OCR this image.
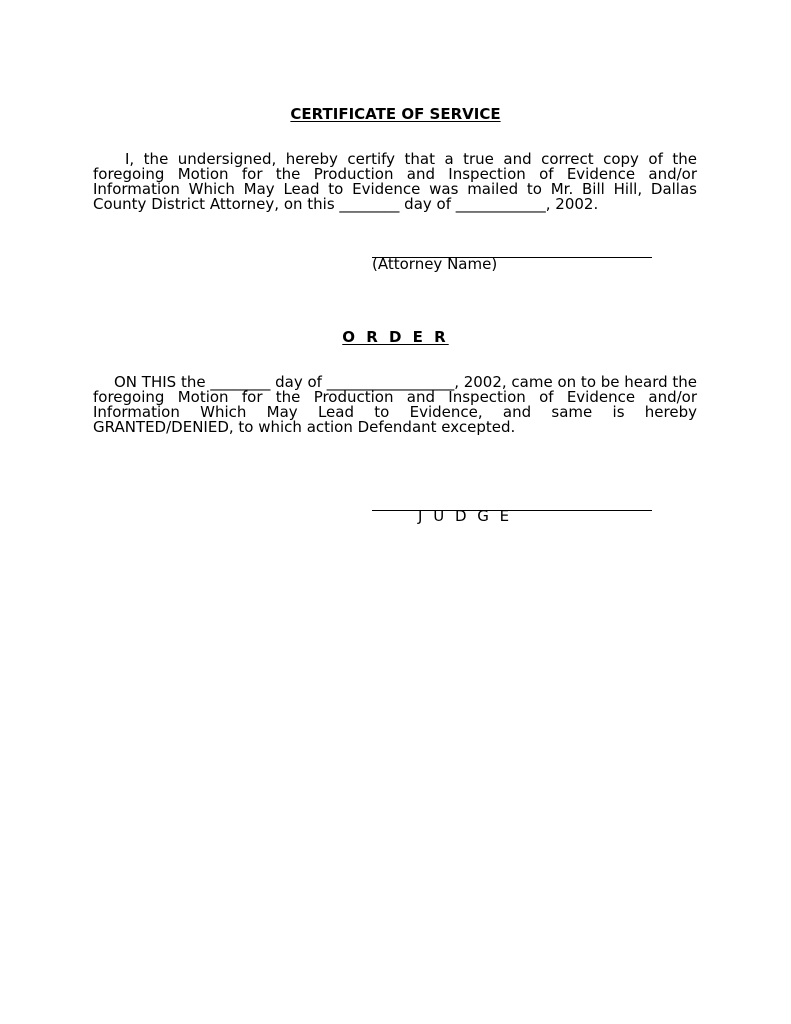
CERTIFICATE OF SERVICE
I, the undersigned, hereby certify that a true and correct copy of the foregoing Motion for the Production and Inspection of Evidence and/or Information Which May Lead to Evidence was mailed to Mr. Bill Hill, Dallas County District Attorney, on this ________ day of ____________, 2002.
(Attorney Name)
O R D E R
ON THIS the ________ day of _________________, 2002, came on to be heard the foregoing Motion for the Production and Inspection of Evidence and/or Information Which May Lead to Evidence, and same is hereby GRANTED/DENIED, to which action Defendant excepted.
J U D G E
